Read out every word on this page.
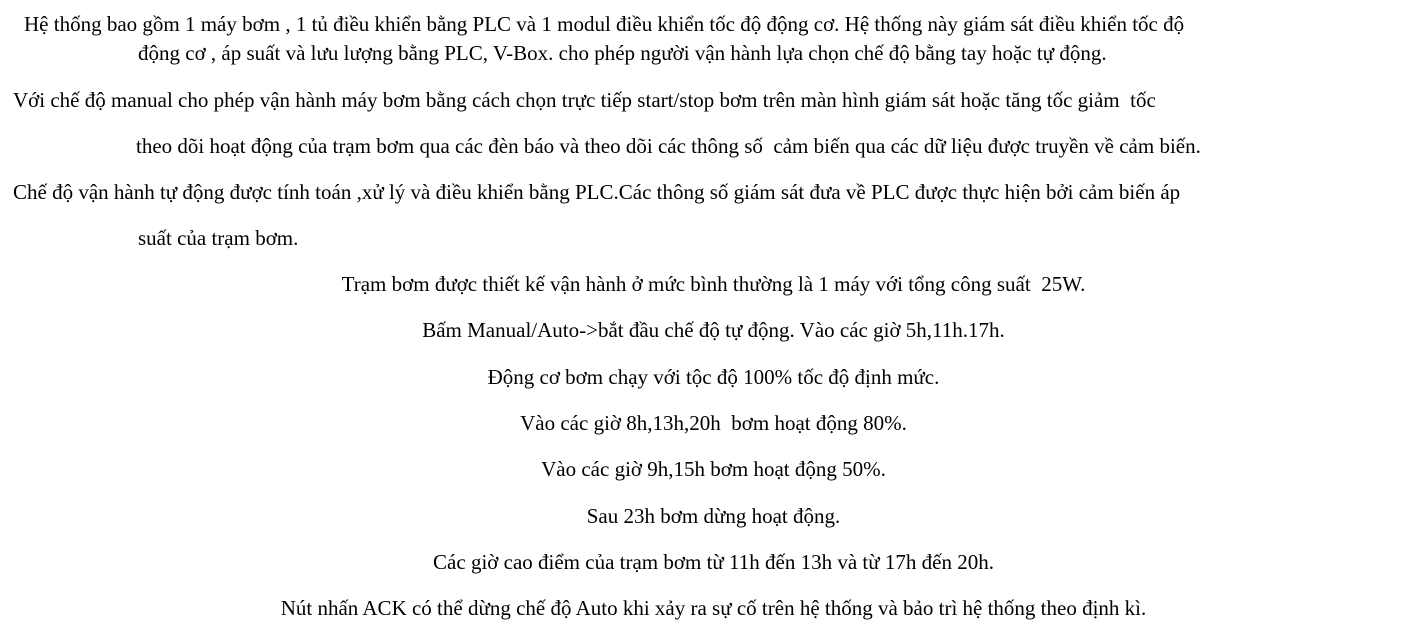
Hệ thống bao gồm 1 máy bơm , 1 tủ điều khiển bằng PLC và 1 modul điều khiển tốc độ động cơ. Hệ thống này giám sát điều khiển tốc độ
động cơ , áp suất và lưu lượng bằng PLC, V-Box. cho phép người vận hành lựa chọn chế độ bằng tay hoặc tự động.
Với chế độ manual cho phép vận hành máy bơm bằng cách chọn trực tiếp start/stop bơm trên màn hình giám sát hoặc tăng tốc giảm  tốc
theo dõi hoạt động của trạm bơm qua các đèn báo và theo dõi các thông số  cảm biến qua các dữ liệu được truyền về cảm biến.
Chế độ vận hành tự động được tính toán ,xử lý và điều khiển bằng PLC.Các thông số giám sát đưa về PLC được thực hiện bởi cảm biến áp
suất của trạm bơm.
Trạm bơm được thiết kế vận hành ở mức bình thường là 1 máy với tổng công suất  25W.
Bấm Manual/Auto->bắt đầu chế độ tự động. Vào các giờ 5h,11h.17h.
Động cơ bơm chạy với tộc độ 100% tốc độ định mức.
Vào các giờ 8h,13h,20h  bơm hoạt động 80%.
Vào các giờ 9h,15h bơm hoạt động 50%.
Sau 23h bơm dừng hoạt động.
Các giờ cao điểm của trạm bơm từ 11h đến 13h và từ 17h đến 20h.
Nút nhấn ACK có thể dừng chế độ Auto khi xảy ra sự cố trên hệ thống và bảo trì hệ thống theo định kì.
